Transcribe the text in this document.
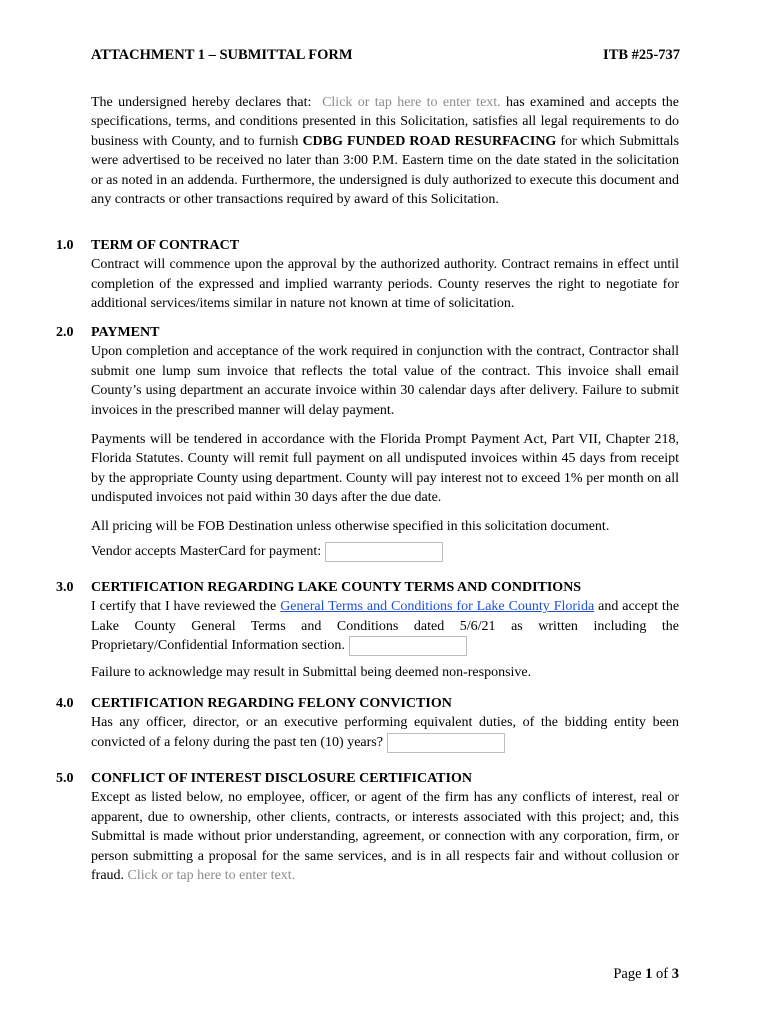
ATTACHMENT 1 – SUBMITTAL FORM	ITB #25-737
The undersigned hereby declares that: Click or tap here to enter text. has examined and accepts the specifications, terms, and conditions presented in this Solicitation, satisfies all legal requirements to do business with County, and to furnish CDBG FUNDED ROAD RESURFACING for which Submittals were advertised to be received no later than 3:00 P.M. Eastern time on the date stated in the solicitation or as noted in an addenda. Furthermore, the undersigned is duly authorized to execute this document and any contracts or other transactions required by award of this Solicitation.
1.0 TERM OF CONTRACT
Contract will commence upon the approval by the authorized authority. Contract remains in effect until completion of the expressed and implied warranty periods. County reserves the right to negotiate for additional services/items similar in nature not known at time of solicitation.
2.0 PAYMENT
Upon completion and acceptance of the work required in conjunction with the contract, Contractor shall submit one lump sum invoice that reflects the total value of the contract. This invoice shall email County’s using department an accurate invoice within 30 calendar days after delivery. Failure to submit invoices in the prescribed manner will delay payment.
Payments will be tendered in accordance with the Florida Prompt Payment Act, Part VII, Chapter 218, Florida Statutes. County will remit full payment on all undisputed invoices within 45 days from receipt by the appropriate County using department. County will pay interest not to exceed 1% per month on all undisputed invoices not paid within 30 days after the due date.
All pricing will be FOB Destination unless otherwise specified in this solicitation document.
Vendor accepts MasterCard for payment:
3.0 CERTIFICATION REGARDING LAKE COUNTY TERMS AND CONDITIONS
I certify that I have reviewed the General Terms and Conditions for Lake County Florida and accept the Lake County General Terms and Conditions dated 5/6/21 as written including the Proprietary/Confidential Information section.
Failure to acknowledge may result in Submittal being deemed non-responsive.
4.0 CERTIFICATION REGARDING FELONY CONVICTION
Has any officer, director, or an executive performing equivalent duties, of the bidding entity been convicted of a felony during the past ten (10) years?
5.0 CONFLICT OF INTEREST DISCLOSURE CERTIFICATION
Except as listed below, no employee, officer, or agent of the firm has any conflicts of interest, real or apparent, due to ownership, other clients, contracts, or interests associated with this project; and, this Submittal is made without prior understanding, agreement, or connection with any corporation, firm, or person submitting a proposal for the same services, and is in all respects fair and without collusion or fraud. Click or tap here to enter text.
Page 1 of 3
